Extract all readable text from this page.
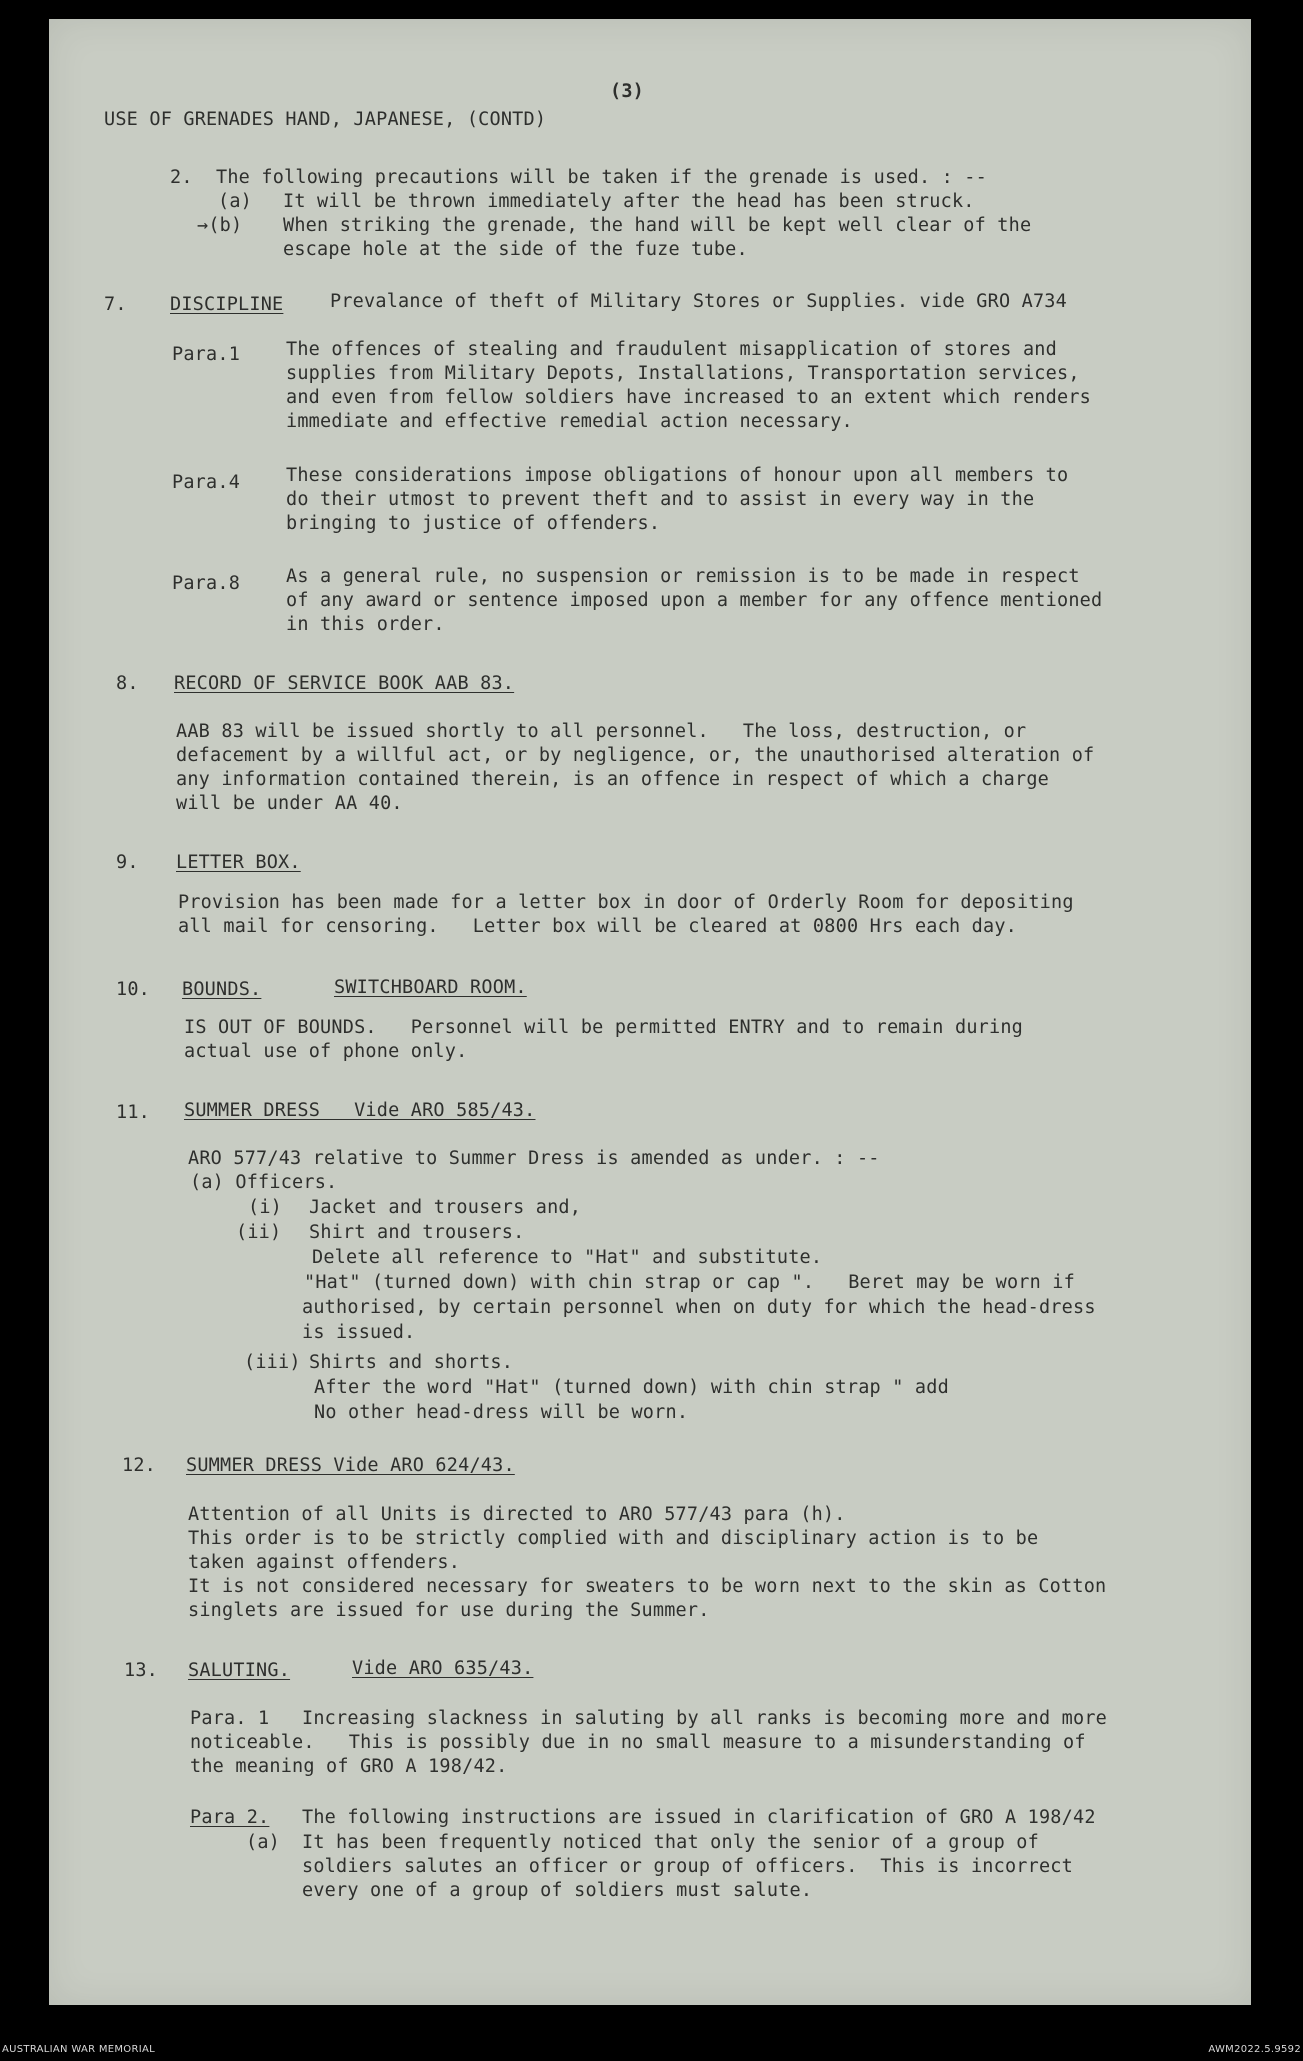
(3)
USE OF GRENADES HAND, JAPANESE, (CONTD)
2. The following precautions will be taken if the grenade is used. : --
(a) It will be thrown immediately after the head has been struck.
→(b) When striking the grenade, the hand will be kept well clear of the
escape hole at the side of the fuze tube.
7. DISCIPLINE	Prevalance of theft of Military Stores or Supplies. vide GRO A734
Para.1 The offences of stealing and fraudulent misapplication of stores and
supplies from Military Depots, Installations, Transportation services,
and even from fellow soldiers have increased to an extent which renders
immediate and effective remedial action necessary.
Para.4 These considerations impose obligations of honour upon all members to
do their utmost to prevent theft and to assist in every way in the
bringing to justice of offenders.
Para.8 As a general rule, no suspension or remission is to be made in respect
of any award or sentence imposed upon a member for any offence mentioned
in this order.
8. RECORD OF SERVICE BOOK AAB 83.
AAB 83 will be issued shortly to all personnel.   The loss, destruction, or
defacement by a willful act, or by negligence, or, the unauthorised alteration of
any information contained therein, is an offence in respect of which a charge
will be under AA 40.
9. LETTER BOX.
Provision has been made for a letter box in door of Orderly Room for depositing
all mail for censoring.   Letter box will be cleared at 0800 Hrs each day.
10. BOUNDS.	SWITCHBOARD ROOM.
IS OUT OF BOUNDS.   Personnel will be permitted ENTRY and to remain during
actual use of phone only.
11. SUMMER DRESS   Vide ARO 585/43.
ARO 577/43 relative to Summer Dress is amended as under. : --
(a) Officers.
(i) Jacket and trousers and,
(ii) Shirt and trousers.
Delete all reference to "Hat" and substitute.
"Hat" (turned down) with chin strap or cap ".   Beret may be worn if
authorised, by certain personnel when on duty for which the head-dress
is issued.
(iii) Shirts and shorts.
After the word "Hat" (turned down) with chin strap " add
No other head-dress will be worn.
12. SUMMER DRESS Vide ARO 624/43.
Attention of all Units is directed to ARO 577/43 para (h).
This order is to be strictly complied with and disciplinary action is to be
taken against offenders.
It is not considered necessary for sweaters to be worn next to the skin as Cotton
singlets are issued for use during the Summer.
13. SALUTING.	Vide ARO 635/43.
Para. 1 Increasing slackness in saluting by all ranks is becoming more and more
noticeable.   This is possibly due in no small measure to a misunderstanding of
the meaning of GRO A 198/42.
Para 2. The following instructions are issued in clarification of GRO A 198/42
(a) It has been frequently noticed that only the senior of a group of
soldiers salutes an officer or group of officers.  This is incorrect
every one of a group of soldiers must salute.
AUSTRALIAN WAR MEMORIAL	AWM2022.5.9592
